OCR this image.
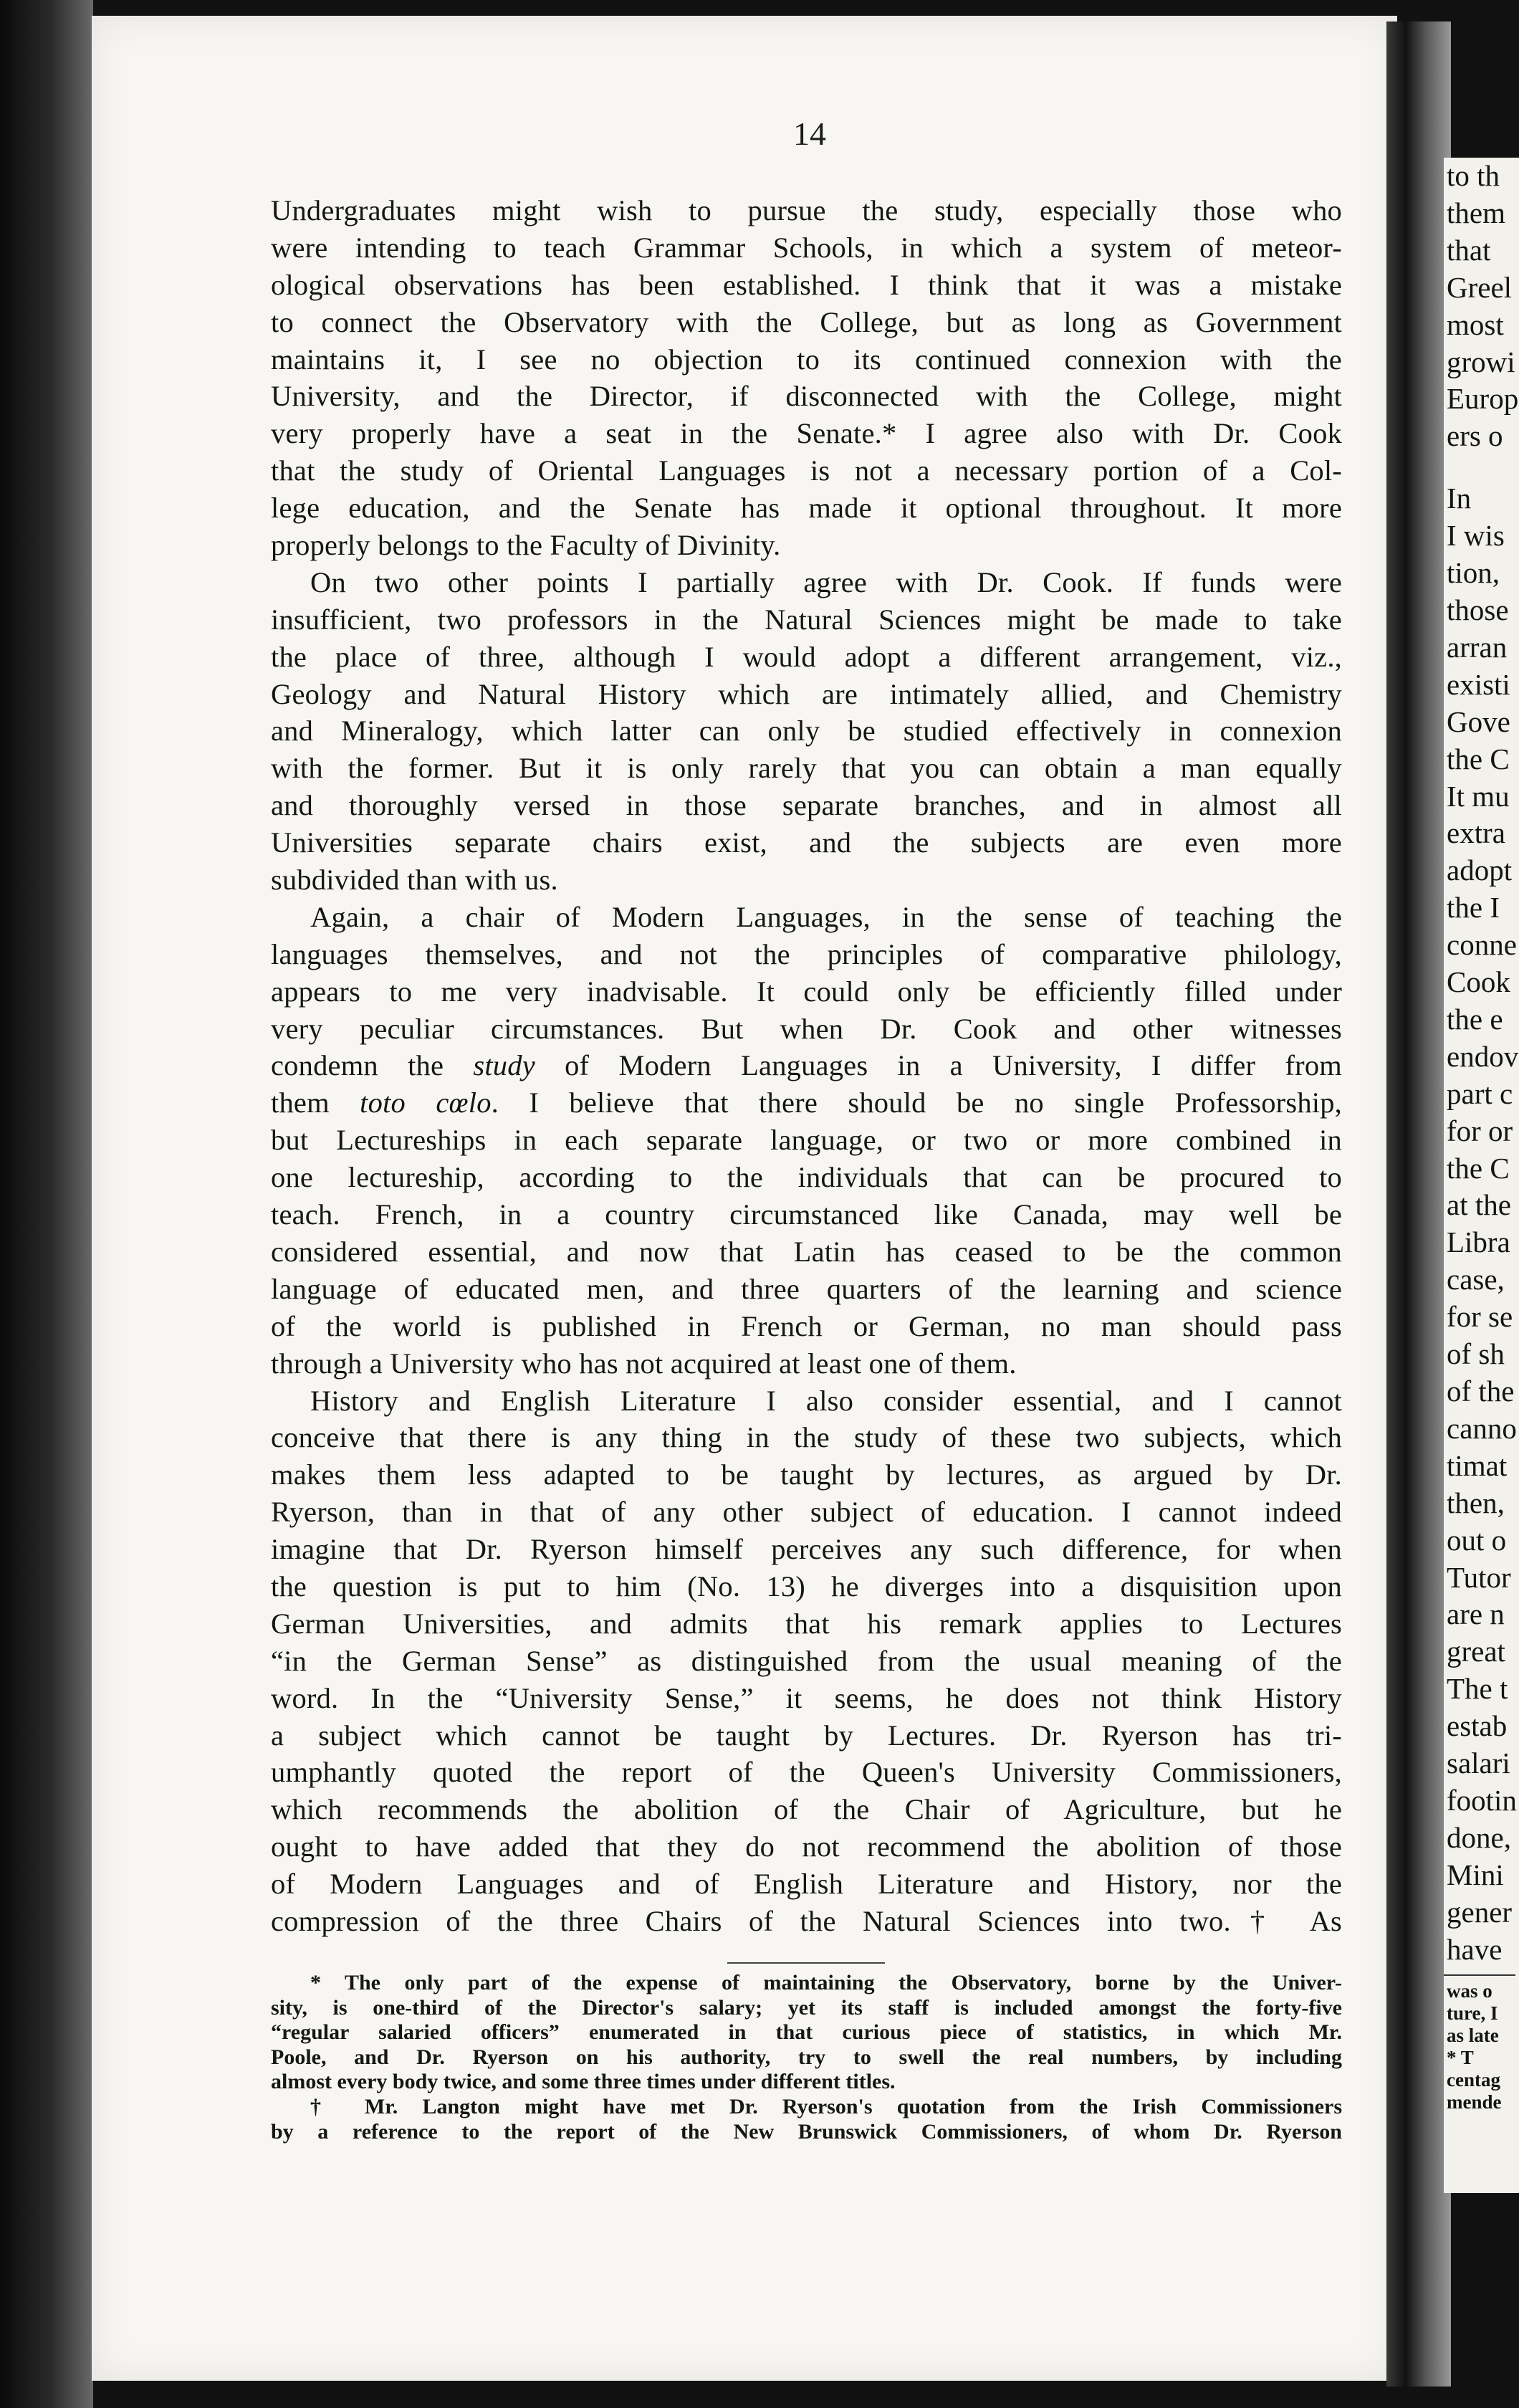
14
Undergraduates might wish to pursue the study, especially those who
were intending to teach Grammar Schools, in which a system of meteor-
ological observations has been established. I think that it was a mistake
to connect the Observatory with the College, but as long as Government
maintains it, I see no objection to its continued connexion with the
University, and the Director, if disconnected with the College, might
very properly have a seat in the Senate.* I agree also with Dr. Cook
that the study of Oriental Languages is not a necessary portion of a Col-
lege education, and the Senate has made it optional throughout. It more
properly belongs to the Faculty of Divinity.
On two other points I partially agree with Dr. Cook. If funds were
insufficient, two professors in the Natural Sciences might be made to take
the place of three, although I would adopt a different arrangement, viz.,
Geology and Natural History which are intimately allied, and Chemistry
and Mineralogy, which latter can only be studied effectively in connexion
with the former. But it is only rarely that you can obtain a man equally
and thoroughly versed in those separate branches, and in almost all
Universities separate chairs exist, and the subjects are even more
subdivided than with us.
Again, a chair of Modern Languages, in the sense of teaching the
languages themselves, and not the principles of comparative philology,
appears to me very inadvisable. It could only be efficiently filled under
very peculiar circumstances. But when Dr. Cook and other witnesses
condemn the study of Modern Languages in a University, I differ from
them toto cœlo. I believe that there should be no single Professorship,
but Lectureships in each separate language, or two or more combined in
one lectureship, according to the individuals that can be procured to
teach. French, in a country circumstanced like Canada, may well be
considered essential, and now that Latin has ceased to be the common
language of educated men, and three quarters of the learning and science
of the world is published in French or German, no man should pass
through a University who has not acquired at least one of them.
History and English Literature I also consider essential, and I cannot
conceive that there is any thing in the study of these two subjects, which
makes them less adapted to be taught by lectures, as argued by Dr.
Ryerson, than in that of any other subject of education. I cannot indeed
imagine that Dr. Ryerson himself perceives any such difference, for when
the question is put to him (No. 13) he diverges into a disquisition upon
German Universities, and admits that his remark applies to Lectures
“in the German Sense” as distinguished from the usual meaning of the
word. In the “University Sense,” it seems, he does not think History
a subject which cannot be taught by Lectures. Dr. Ryerson has tri-
umphantly quoted the report of the Queen's University Commissioners,
which recommends the abolition of the Chair of Agriculture, but he
ought to have added that they do not recommend the abolition of those
of Modern Languages and of English Literature and History, nor the
compression of the three Chairs of the Natural Sciences into two.† As
* The only part of the expense of maintaining the Observatory, borne by the Univer-
sity, is one-third of the Director's salary; yet its staff is included amongst the forty-five
“regular salaried officers” enumerated in that curious piece of statistics, in which Mr.
Poole, and Dr. Ryerson on his authority, try to swell the real numbers, by including
almost every body twice, and some three times under different titles.
† Mr. Langton might have met Dr. Ryerson's quotation from the Irish Commissioners
by a reference to the report of the New Brunswick Commissioners, of whom Dr. Ryerson
to th
them
that
Greel
most
growi
Europ
ers o
In
I wis
tion,
those
arran
existi
Gove
the C
It mu
extra
adopt
the I
conne
Cook
the e
endov
part c
for or
the C
at the
Libra
case,
for se
of sh
of the
canno
timat
then,
out o
Tutor
are n
great
The t
estab
salari
footin
done,
Mini
gener
have
was o
ture, I
as late
* T
centag
mende
